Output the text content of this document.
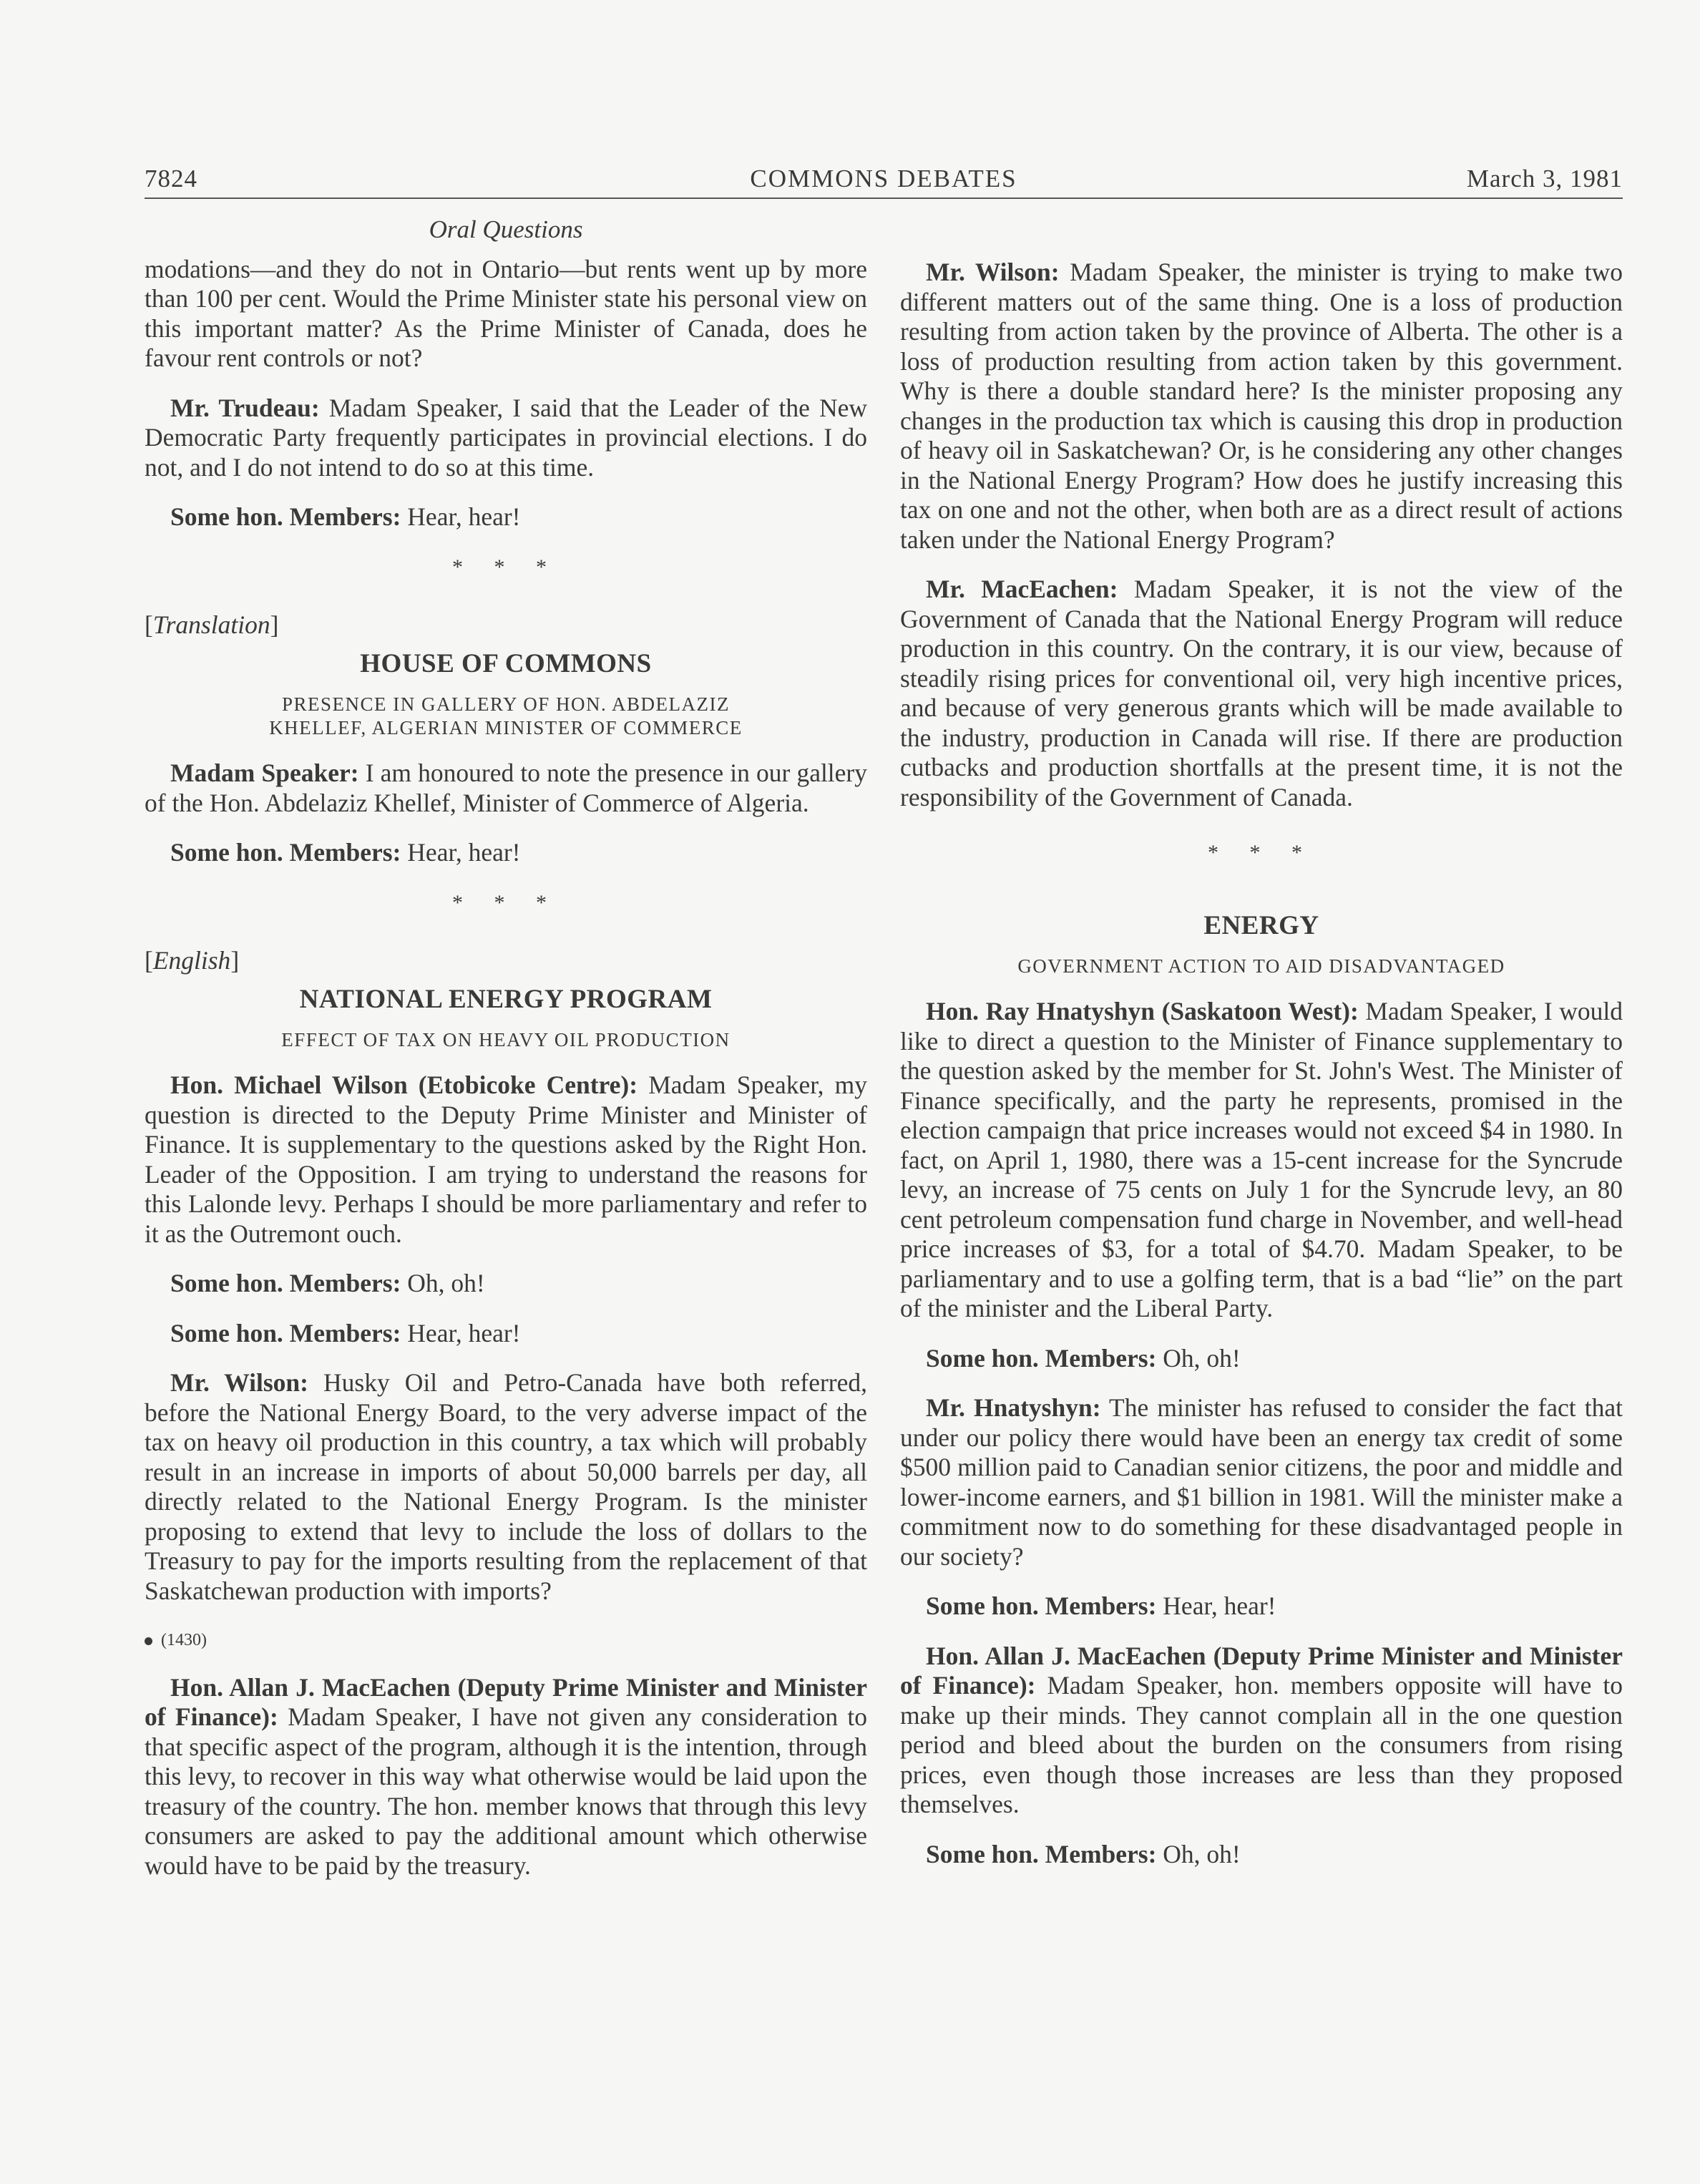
7824	COMMONS DEBATES	March 3, 1981
Oral Questions

modations—and they do not in Ontario—but rents went up by more than 100 per cent. Would the Prime Minister state his personal view on this important matter? As the Prime Minister of Canada, does he favour rent controls or not?

Mr. Trudeau: Madam Speaker, I said that the Leader of the New Democratic Party frequently participates in provincial elections. I do not, and I do not intend to do so at this time.

Some hon. Members: Hear, hear!

* * *
[Translation]
HOUSE OF COMMONS
PRESENCE IN GALLERY OF HON. ABDELAZIZ KHELLEF, ALGERIAN MINISTER OF COMMERCE

Madam Speaker: I am honoured to note the presence in our gallery of the Hon. Abdelaziz Khellef, Minister of Commerce of Algeria.

Some hon. Members: Hear, hear!

* * *
[English]
NATIONAL ENERGY PROGRAM
EFFECT OF TAX ON HEAVY OIL PRODUCTION

Hon. Michael Wilson (Etobicoke Centre): Madam Speaker, my question is directed to the Deputy Prime Minister and Minister of Finance. It is supplementary to the questions asked by the Right Hon. Leader of the Opposition. I am trying to understand the reasons for this Lalonde levy. Perhaps I should be more parliamentary and refer to it as the Outremont ouch.

Some hon. Members: Oh, oh!

Some hon. Members: Hear, hear!

Mr. Wilson: Husky Oil and Petro-Canada have both referred, before the National Energy Board, to the very adverse impact of the tax on heavy oil production in this country, a tax which will probably result in an increase in imports of about 50,000 barrels per day, all directly related to the National Energy Program. Is the minister proposing to extend that levy to include the loss of dollars to the Treasury to pay for the imports resulting from the replacement of that Saskatchewan production with imports?

(1430)

Hon. Allan J. MacEachen (Deputy Prime Minister and Minister of Finance): Madam Speaker, I have not given any consideration to that specific aspect of the program, although it is the intention, through this levy, to recover in this way what otherwise would be laid upon the treasury of the country. The hon. member knows that through this levy consumers are asked to pay the additional amount which otherwise would have to be paid by the treasury.

Mr. Wilson: Madam Speaker, the minister is trying to make two different matters out of the same thing. One is a loss of production resulting from action taken by the province of Alberta. The other is a loss of production resulting from action taken by this government. Why is there a double standard here? Is the minister proposing any changes in the production tax which is causing this drop in production of heavy oil in Saskatchewan? Or, is he considering any other changes in the National Energy Program? How does he justify increasing this tax on one and not the other, when both are as a direct result of actions taken under the National Energy Program?

Mr. MacEachen: Madam Speaker, it is not the view of the Government of Canada that the National Energy Program will reduce production in this country. On the contrary, it is our view, because of steadily rising prices for conventional oil, very high incentive prices, and because of very generous grants which will be made available to the industry, production in Canada will rise. If there are production cutbacks and production shortfalls at the present time, it is not the responsibility of the Government of Canada.

* * *
ENERGY
GOVERNMENT ACTION TO AID DISADVANTAGED

Hon. Ray Hnatyshyn (Saskatoon West): Madam Speaker, I would like to direct a question to the Minister of Finance supplementary to the question asked by the member for St. John's West. The Minister of Finance specifically, and the party he represents, promised in the election campaign that price increases would not exceed $4 in 1980. In fact, on April 1, 1980, there was a 15-cent increase for the Syncrude levy, an increase of 75 cents on July 1 for the Syncrude levy, an 80 cent petroleum compensation fund charge in November, and well-head price increases of $3, for a total of $4.70. Madam Speaker, to be parliamentary and to use a golfing term, that is a bad “lie” on the part of the minister and the Liberal Party.

Some hon. Members: Oh, oh!

Mr. Hnatyshyn: The minister has refused to consider the fact that under our policy there would have been an energy tax credit of some $500 million paid to Canadian senior citizens, the poor and middle and lower-income earners, and $1 billion in 1981. Will the minister make a commitment now to do something for these disadvantaged people in our society?

Some hon. Members: Hear, hear!

Hon. Allan J. MacEachen (Deputy Prime Minister and Minister of Finance): Madam Speaker, hon. members opposite will have to make up their minds. They cannot complain all in the one question period and bleed about the burden on the consumers from rising prices, even though those increases are less than they proposed themselves.

Some hon. Members: Oh, oh!
